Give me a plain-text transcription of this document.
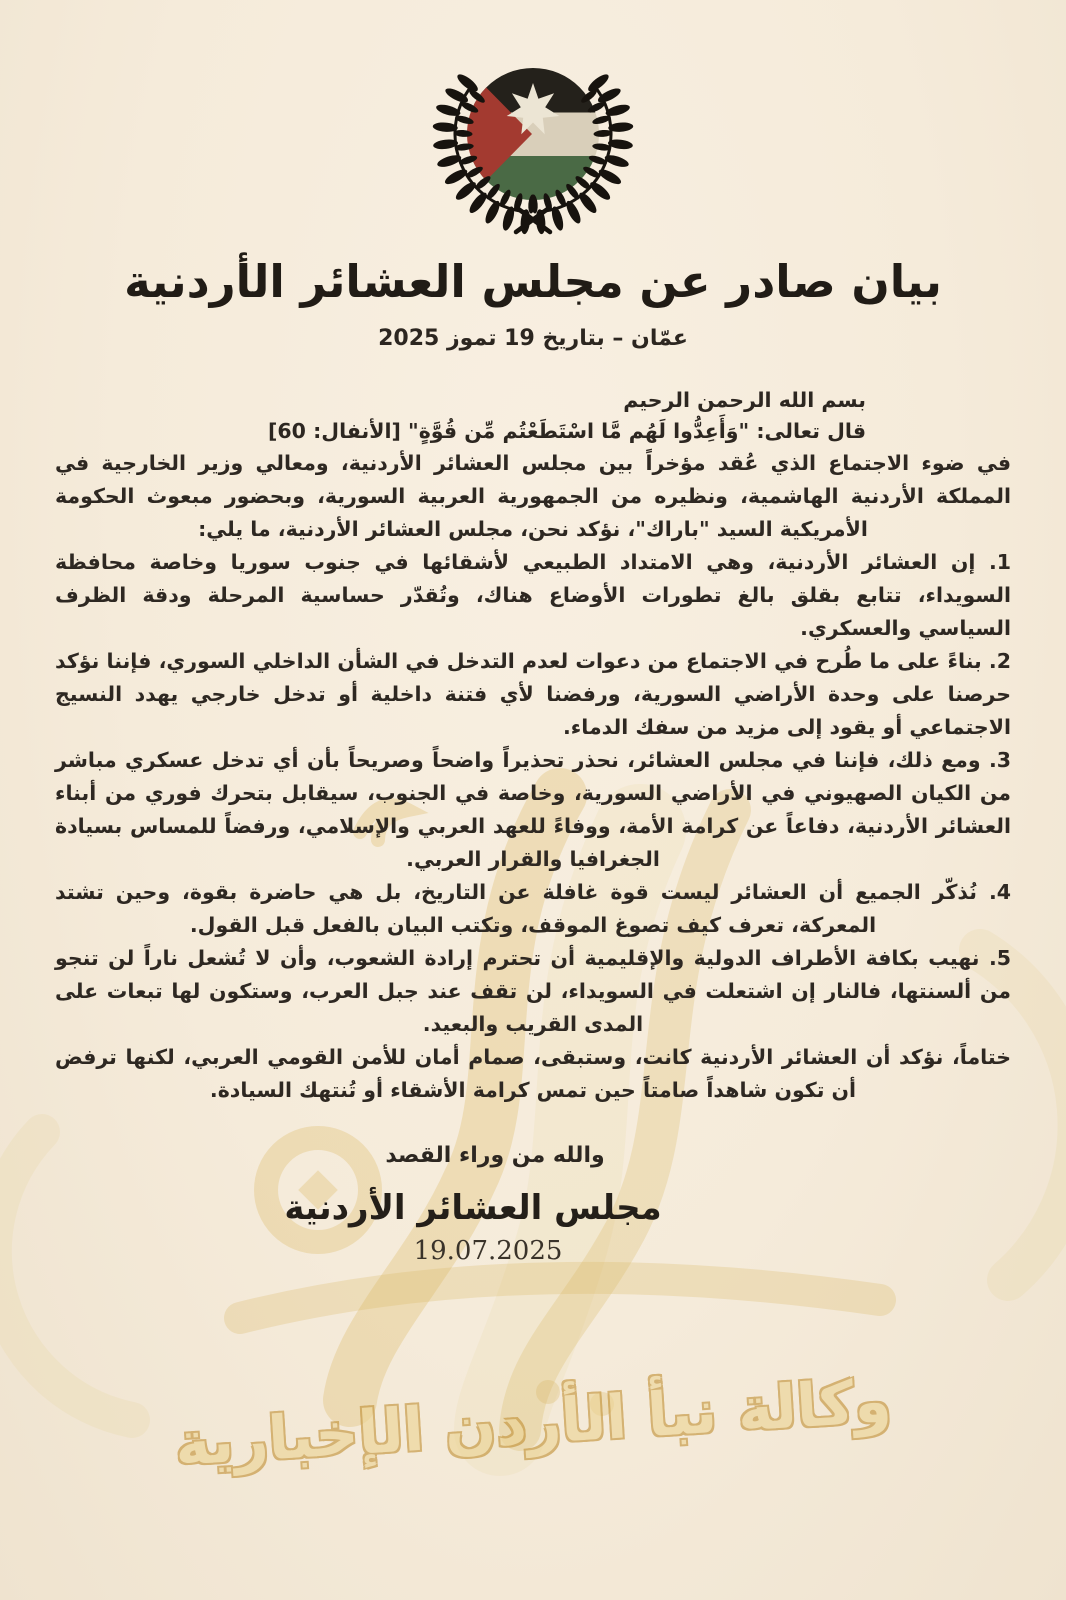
بيان صادر عن مجلس العشائر الأردنية
عمّان – بتاريخ 19 تموز 2025
بسم الله الرحمن الرحيم
قال تعالى: "وَأَعِدُّوا لَهُم مَّا اسْتَطَعْتُم مِّن قُوَّةٍ" [الأنفال: 60]

في ضوء الاجتماع الذي عُقد مؤخراً بين مجلس العشائر الأردنية، ومعالي وزير الخارجية في المملكة الأردنية الهاشمية، ونظيره من الجمهورية العربية السورية، وبحضور مبعوث الحكومة الأمريكية السيد "باراك"، نؤكد نحن، مجلس العشائر الأردنية، ما يلي:

1. إن العشائر الأردنية، وهي الامتداد الطبيعي لأشقائها في جنوب سوريا وخاصة محافظة السويداء، تتابع بقلق بالغ تطورات الأوضاع هناك، وتُقدّر حساسية المرحلة ودقة الظرف السياسي والعسكري.

2. بناءً على ما طُرح في الاجتماع من دعوات لعدم التدخل في الشأن الداخلي السوري، فإننا نؤكد حرصنا على وحدة الأراضي السورية، ورفضنا لأي فتنة داخلية أو تدخل خارجي يهدد النسيج الاجتماعي أو يقود إلى مزيد من سفك الدماء.

3. ومع ذلك، فإننا في مجلس العشائر، نحذر تحذيراً واضحاً وصريحاً بأن أي تدخل عسكري مباشر من الكيان الصهيوني في الأراضي السورية، وخاصة في الجنوب، سيقابل بتحرك فوري من أبناء العشائر الأردنية، دفاعاً عن كرامة الأمة، ووفاءً للعهد العربي والإسلامي، ورفضاً للمساس بسيادة الجغرافيا والقرار العربي.

4. نُذكّر الجميع أن العشائر ليست قوة غافلة عن التاريخ، بل هي حاضرة بقوة، وحين تشتد المعركة، تعرف كيف تصوغ الموقف، وتكتب البيان بالفعل قبل القول.

5. نهيب بكافة الأطراف الدولية والإقليمية أن تحترم إرادة الشعوب، وأن لا تُشعل ناراً لن تنجو من ألسنتها، فالنار إن اشتعلت في السويداء، لن تقف عند جبل العرب، وستكون لها تبعات على المدى القريب والبعيد.

ختاماً، نؤكد أن العشائر الأردنية كانت، وستبقى، صمام أمان للأمن القومي العربي، لكنها ترفض أن تكون شاهداً صامتاً حين تمس كرامة الأشقاء أو تُنتهك السيادة.

والله من وراء القصد
مجلس العشائر الأردنية
19.07.2025
وكالة نبأ الأردن الإخبارية
